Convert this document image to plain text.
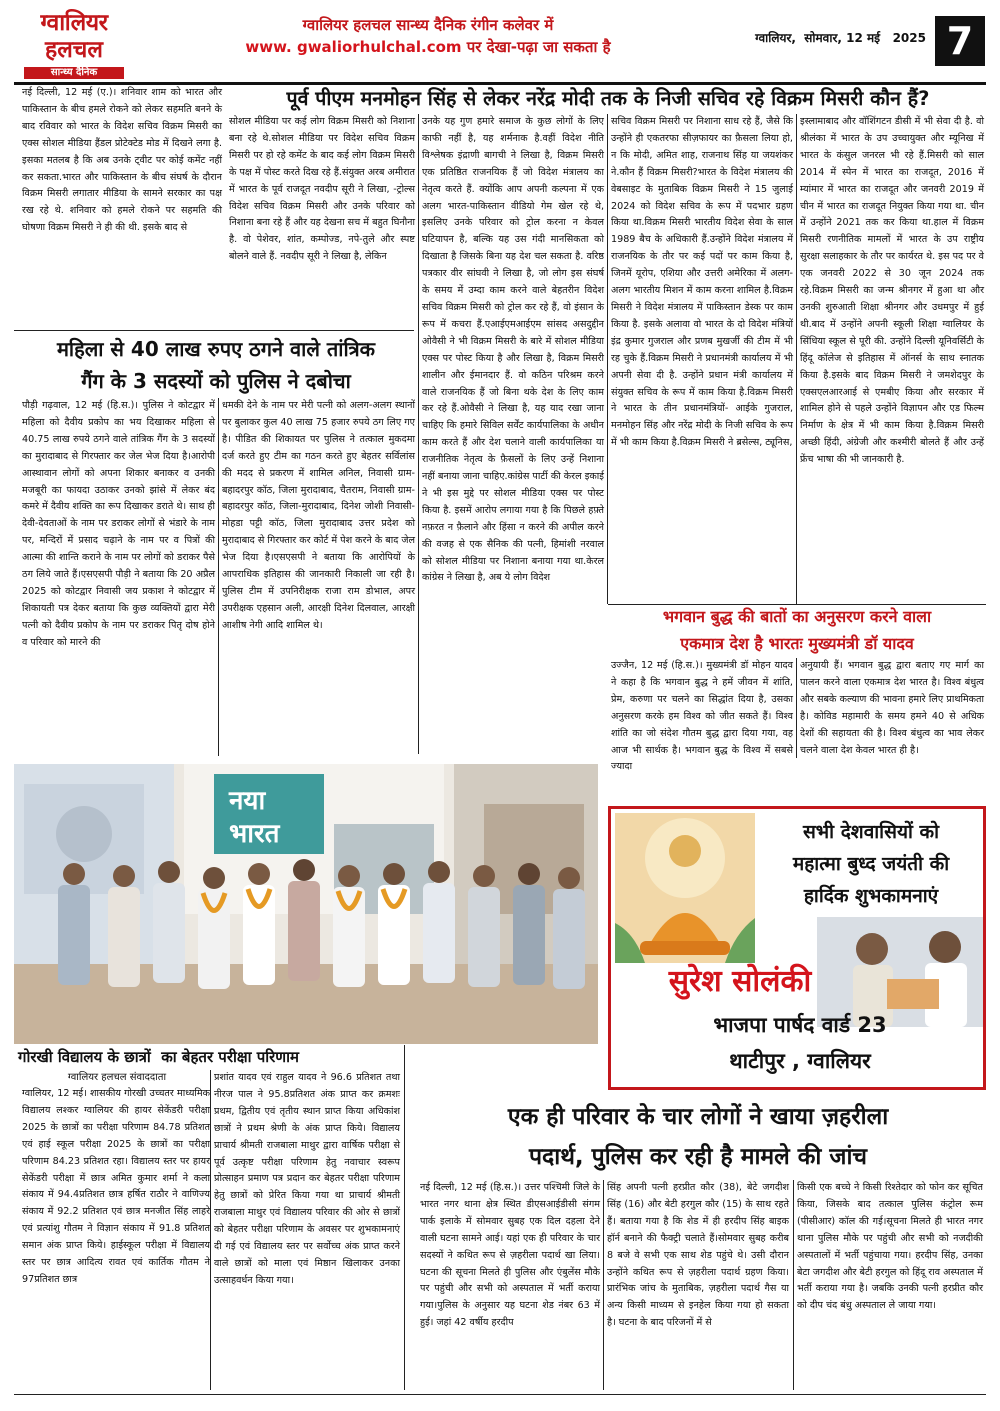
ग्वालियर
हलचल
सान्ध्य दैनिक
ग्वालियर हलचल सान्ध्य दैनिक रंगीन कलेवर में
www. gwaliorhulchal.com पर देखा-पढ़ा जा सकता है	ग्वालियर,  सोमवार, 12 मई   2025 7
नई दिल्ली, 12 मई (ए.)। शनिवार शाम को भारत और पाकिस्तान के बीच हमले रोकने को लेकर सहमति बनने के बाद रविवार को भारत के विदेश सचिव विक्रम मिसरी का एक्स सोशल मीडिया हैंडल प्रोटेक्टेड मोड में दिखने लगा है. इसका मतलब है कि अब उनके ट्वीट पर कोई कमेंट नहीं कर सकता.भारत और पाकिस्तान के बीच संघर्ष के दौरान विक्रम मिसरी लगातार मीडिया के सामने सरकार का पक्ष रख रहे थे. शनिवार को हमले रोकने पर सहमति की घोषणा विक्रम मिसरी ने ही की थी. इसके बाद से
पूर्व पीएम मनमोहन सिंह से लेकर नरेंद्र मोदी तक के निजी सचिव रहे विक्रम मिसरी कौन हैं?
सोशल मीडिया पर कई लोग विक्रम मिसरी को निशाना बना रहे थे.सोशल मीडिया पर विदेश सचिव विक्रम मिसरी पर हो रहे कमेंट के बाद कई लोग विक्रम मिसरी के पक्ष में पोस्ट करते दिख रहे हैं.संयुक्त अरब अमीरात में भारत के पूर्व राजदूत नवदीप सूरी ने लिखा, -ट्रोल्स विदेश सचिव विक्रम मिसरी और उनके परिवार को निशाना बना रहे हैं और यह देखना सच में बहुत घिनौना है. वो पेशेवर, शांत, कम्पोज्ड, नपे-तुले और स्पष्ट बोलने वाले हैं. नवदीप सूरी ने लिखा है, लेकिन
उनके यह गुण हमारे समाज के कुछ लोगों के लिए काफी नहीं है, यह शर्मनाक है.वहीं विदेश नीति विश्लेषक इंद्राणी बागची ने लिखा है, विक्रम मिसरी एक प्रतिष्ठित राजनयिक हैं जो विदेश मंत्रालय का नेतृत्व करते हैं. क्योंकि आप अपनी कल्पना में एक अलग भारत-पाकिस्तान वीडियो गेम खेल रहे थे, इसलिए उनके परिवार को ट्रोल करना न केवल घटियापन है, बल्कि यह उस गंदी मानसिकता को दिखाता है जिसके बिना यह देश चल सकता है. वरिष्ठ पत्रकार वीर सांघवी ने लिखा है, जो लोग इस संघर्ष के समय में उम्दा काम करने वाले बेहतरीन विदेश सचिव विक्रम मिसरी को ट्रोल कर रहे हैं, वो इंसान के रूप में कचरा हैं.एआईएमआईएम सांसद असदुद्दीन ओवैसी ने भी विक्रम मिसरी के बारे में सोशल मीडिया एक्स पर पोस्ट किया है और लिखा है, विक्रम मिसरी शालीन और ईमानदार हैं. वो कठिन परिश्रम करने वाले राजनयिक हैं जो बिना थके देश के लिए काम कर रहे हैं.ओवैसी ने लिखा है, यह याद रखा जाना चाहिए कि हमारे सिविल सर्वेंट कार्यपालिका के अधीन काम करते हैं और देश चलाने वाली कार्यपालिका या राजनीतिक नेतृत्व के फ़ैसलों के लिए उन्हें निशाना नहीं बनाया जाना चाहिए.कांग्रेस पार्टी की केरल इकाई ने भी इस मुद्दे पर सोशल मीडिया एक्स पर पोस्ट किया है. इसमें आरोप लगाया गया है कि पिछले हफ़्ते नफ़रत न फ़ैलाने और हिंसा न करने की अपील करने की वजह से एक सैनिक की पत्नी, हिमांशी नरवाल को सोशल मीडिया पर निशाना बनाया गया था.केरल कांग्रेस ने लिखा है, अब ये लोग विदेश
सचिव विक्रम मिसरी पर निशाना साध रहे हैं, जैसे कि उन्होंने ही एकतरफा सीज़फायर का फ़ैसला लिया हो, न कि मोदी, अमित शाह, राजनाथ सिंह या जयशंकर ने.कौन हैं विक्रम मिसरी?भारत के विदेश मंत्रालय की वेबसाइट के मुताबिक विक्रम मिसरी ने 15 जुलाई 2024 को विदेश सचिव के रूप में पदभार ग्रहण किया था.विक्रम मिसरी भारतीय विदेश सेवा के साल 1989 बैच के अधिकारी हैं.उन्होंने विदेश मंत्रालय में राजनयिक के तौर पर कई पदों पर काम किया है, जिनमें यूरोप, एशिया और उत्तरी अमेरिका में अलग-अलग भारतीय मिशन में काम करना शामिल है.विक्रम मिसरी ने विदेश मंत्रालय में पाकिस्तान डेस्क पर काम किया है. इसके अलावा वो भारत के दो विदेश मंत्रियों इंद्र कुमार गुजराल और प्रणब मुखर्जी की टीम में भी रह चुके हैं.विक्रम मिसरी ने प्रधानमंत्री कार्यालय में भी अपनी सेवा दी है. उन्होंने प्रधान मंत्री कार्यालय में संयुक्त सचिव के रूप में काम किया है.विक्रम मिसरी ने भारत के तीन प्रधानमंत्रियों- आईके गुजराल, मनमोहन सिंह और नरेंद्र मोदी के निजी सचिव के रूप में भी काम किया है.विक्रम मिसरी ने ब्रसेल्स, ट्यूनिस,
इस्लामाबाद और वॉशिंगटन डीसी में भी सेवा दी है. वो श्रीलंका में भारत के उप उच्चायुक्त और म्यूनिख में भारत के कंसुल जनरल भी रहे हैं.मिसरी को साल 2014 में स्पेन में भारत का राजदूत, 2016 में म्यांमार में भारत का राजदूत और जनवरी 2019 में चीन में भारत का राजदूत नियुक्त किया गया था. चीन में उन्होंने 2021 तक कर किया था.हाल में विक्रम मिसरी रणनीतिक मामलों में भारत के उप राष्ट्रीय सुरक्षा सलाहकार के तौर पर कार्यरत थे. इस पद पर वे एक जनवरी 2022 से 30 जून 2024 तक रहे.विक्रम मिसरी का जन्म श्रीनगर में हुआ था और उनकी शुरुआती शिक्षा श्रीनगर और उधमपुर में हुई थी.बाद में उन्होंने अपनी स्कूली शिक्षा ग्वालियर के सिंधिया स्कूल से पूरी की. उन्होंने दिल्ली यूनिवर्सिटी के हिंदू कॉलेज से इतिहास में ऑनर्स के साथ स्नातक किया है.इसके बाद विक्रम मिसरी ने जमशेदपुर के एक्सएलआरआई से एमबीए किया और सरकार में शामिल होने से पहले उन्होंने विज्ञापन और एड फिल्म निर्माण के क्षेत्र में भी काम किया है.विक्रम मिसरी अच्छी हिंदी, अंग्रेजी और कश्मीरी बोलते हैं और उन्हें फ्रेंच भाषा की भी जानकारी है.
महिला से 40 लाख रुपए ठगने वाले तांत्रिक
गैंग के 3 सदस्यों को पुलिस ने दबोचा
पौड़ी गढ़वाल, 12 मई (हि.स.)। पुलिस ने कोटद्वार में महिला को दैवीय प्रकोप का भय दिखाकर महिला से 40.75 लाख रुपये ठगने वाले तांत्रिक गैंग के 3 सदस्यों का मुरादाबाद से गिरफ्तार कर जेल भेज दिया है।आरोपी आस्थावान लोगों को अपना शिकार बनाकर व उनकी मजबूरी का फायदा उठाकर उनको झांसे में लेकर बंद कमरे में दैवीय शक्ति का रूप दिखाकर डराते थे। साथ ही देवी-देवताओं के नाम पर डराकर लोगों से भंडारे के नाम पर, मन्दिरों में प्रसाद चढ़ाने के नाम पर व पित्रों की आत्मा की शान्ति कराने के नाम पर लोगों को डराकर पैसे ठग लिये जाते हैं।एसएसपी पौड़ी ने बताया कि 20 अप्रैल 2025 को कोटद्वार निवासी जय प्रकाश ने कोटद्वार में शिकायती पत्र देकर बताया कि कुछ व्यक्तियों द्वारा मेरी पत्नी को दैवीय प्रकोप के नाम पर डराकर पितृ दोष होने व परिवार को मारने की
धमकी देने के नाम पर मेरी पत्नी को अलग-अलग स्थानों पर बुलाकर कुल 40 लाख 75 हजार रुपये ठग लिए गए है। पीडित की शिकायत पर पुलिस ने तत्काल मुकदमा दर्ज करते हुए टीम का गठन करते हुए बेहतर सर्विलांस की मदद से प्रकरण में शामिल अनिल, निवासी ग्राम-बहादरपुर कॉठ, जिला मुरादाबाद, चैतराम, निवासी ग्राम-बहादरपुर कॉठ, जिला-मुरादाबाद, दिनेश जोशी निवासी-मोहडा पट्टी कॉठ, जिला मुरादाबाद उत्तर प्रदेश को मुरादाबाद से गिरफ्तार कर कोर्ट में पेश करने के बाद जेल भेज दिया है।एसएसपी ने बताया कि आरोपियों के आपराधिक इतिहास की जानकारी निकाली जा रही है। पुलिस टीम में उपनिरीक्षक राजा राम डोभाल, अपर उपरीक्षक एहसान अली, आरक्षी दिनेश दिलवाल, आरक्षी आशीष नेगी आदि शामिल थे।	भगवान बुद्ध की बातों का अनुसरण करने वाला
एकमात्र देश है भारतः मुख्यमंत्री डॉ यादव
उज्जैन, 12 मई (हि.स.)। मुख्यमंत्री डॉ मोहन यादव ने कहा है कि भगवान बुद्ध ने हमें जीवन में शांति, प्रेम, करुणा पर चलने का सिद्धांत दिया है, उसका अनुसरण करके हम विश्व को जीत सकते हैं। विश्व शांति का जो संदेश गौतम बुद्ध द्वारा दिया गया, वह आज भी सार्थक है। भगवान बुद्ध के विश्व में सबसे ज्यादा
अनुयायी हैं। भगवान बुद्ध द्वारा बताए गए मार्ग का पालन करने वाला एकमात्र देश भारत है। विश्व बंधुत्व और सबके कल्याण की भावना हमारे लिए प्राथमिकता है। कोविड महामारी के समय हमने 40 से अधिक देशों की सहायता की है। विश्व बंधुत्व का भाव लेकर चलने वाला देश केवल भारत ही है।
नया
भारत	सभी देशवासियों को
महात्मा बुध्द जयंती की
हार्दिक शुभकामनाएं
सुरेश सोलंकी
भाजपा पार्षद वार्ड 23
थाटीपुर , ग्वालियर
गोरखी विद्यालय के छात्रों  का बेहतर परीक्षा परिणाम
ग्वालियर हलचल संवाददाता
ग्वालियर, 12 मई। शासकीय गोरखी उच्चतर माध्यमिक विद्यालय लश्कर ग्वालियर की हायर सेकेंडरी परीक्षा 2025 के छात्रों का परीक्षा परिणाम 84.78 प्रतिशत एवं हाई स्कूल परीक्षा 2025 के छात्रों का परीक्षा परिणाम 84.23 प्रतिशत रहा। विद्यालय स्तर पर हायर सेकेंडरी परीक्षा में छात्र अमित कुमार शर्मा ने कला संकाय में 94.4प्रतिशत छात्र हर्षित राठौर ने वाणिज्य संकाय में 92.2 प्रतिशत एवं छात्र मनजीत सिंह लाहरे एवं प्रत्यांशु गौतम ने विज्ञान संकाय में 91.8 प्रतिशत समान अंक प्राप्त किये। हाईस्कूल परीक्षा में विद्यालय स्तर पर छात्र आदित्य रावत एवं कार्तिक गौतम ने 97प्रतिशत छात्र
प्रशांत यादव एवं राहुल यादव ने 96.6 प्रतिशत तथा नीरज पाल ने 95.8प्रतिशत अंक प्राप्त कर क्रमशः प्रथम, द्वितीय एवं तृतीय स्थान प्राप्त किया अधिकांश छात्रों ने प्रथम श्रेणी के अंक प्राप्त किये। विद्यालय प्राचार्य श्रीमती राजबाला माथुर द्वारा वार्षिक परीक्षा से पूर्व उत्कृष्ट परीक्षा परिणाम हेतु नवाचार स्वरूप प्रोत्साहन प्रमाण पत्र प्रदान कर बेहतर परीक्षा परिणाम हेतु छात्रों को प्रेरित किया गया था प्राचार्य श्रीमती राजबाला माथुर एवं विद्यालय परिवार की ओर से छात्रों को बेहतर परीक्षा परिणाम के अवसर पर शुभकामनाएं दी गई एवं विद्यालय स्तर पर सर्वोच्च अंक प्राप्त करने वाले छात्रों को माला एवं मिष्ठान खिलाकर उनका उत्साहवर्धन किया गया।
एक ही परिवार के चार लोगों ने खाया ज़हरीला
पदार्थ, पुलिस कर रही है मामले की जांच
नई दिल्ली, 12 मई (हि.स.)। उत्तर पश्चिमी जिले के भारत नगर थाना क्षेत्र स्थित डीएसआईडीसी संगम पार्क इलाके में सोमवार सुबह एक दिल दहला देने वाली घटना सामने आई। यहां एक ही परिवार के चार सदस्यों ने कथित रूप से ज़हरीला पदार्थ खा लिया।घटना की सूचना मिलते ही पुलिस और एंबुलेंस मौके पर पहुंची और सभी को अस्पताल में भर्ती कराया गया।पुलिस के अनुसार यह घटना शेड नंबर 63 में हुई। जहां 42 वर्षीय हरदीप
सिंह अपनी पत्नी हरप्रीत कौर (38), बेटे जगदीश सिंह (16) और बेटी हरगुल कौर (15) के साथ रहते हैं। बताया गया है कि शेड में ही हरदीप सिंह बाइक हॉर्न बनाने की फैक्ट्री चलाते हैं।सोमवार सुबह करीब 8 बजे वे सभी एक साथ शेड पहुंचे थे। उसी दौरान उन्होंने कथित रूप से ज़हरीला पदार्थ ग्रहण किया।प्रारंभिक जांच के मुताबिक, ज़हरीला पदार्थ गैस या अन्य किसी माध्यम से इनहेल किया गया हो सकता है। घटना के बाद परिजनों में से
किसी एक बच्चे ने किसी रिश्तेदार को फोन कर सूचित किया, जिसके बाद तत्काल पुलिस कंट्रोल रूम (पीसीआर) कॉल की गई।सूचना मिलते ही भारत नगर थाना पुलिस मौके पर पहुंची और सभी को नजदीकी अस्पतालों में भर्ती पहुंचाया गया। हरदीप सिंह, उनका बेटा जगदीश और बेटी हरगुल को हिंदू राव अस्पताल में भर्ती कराया गया है। जबकि उनकी पत्नी हरप्रीत कौर को दीप चंद बंधु अस्पताल ले जाया गया।
